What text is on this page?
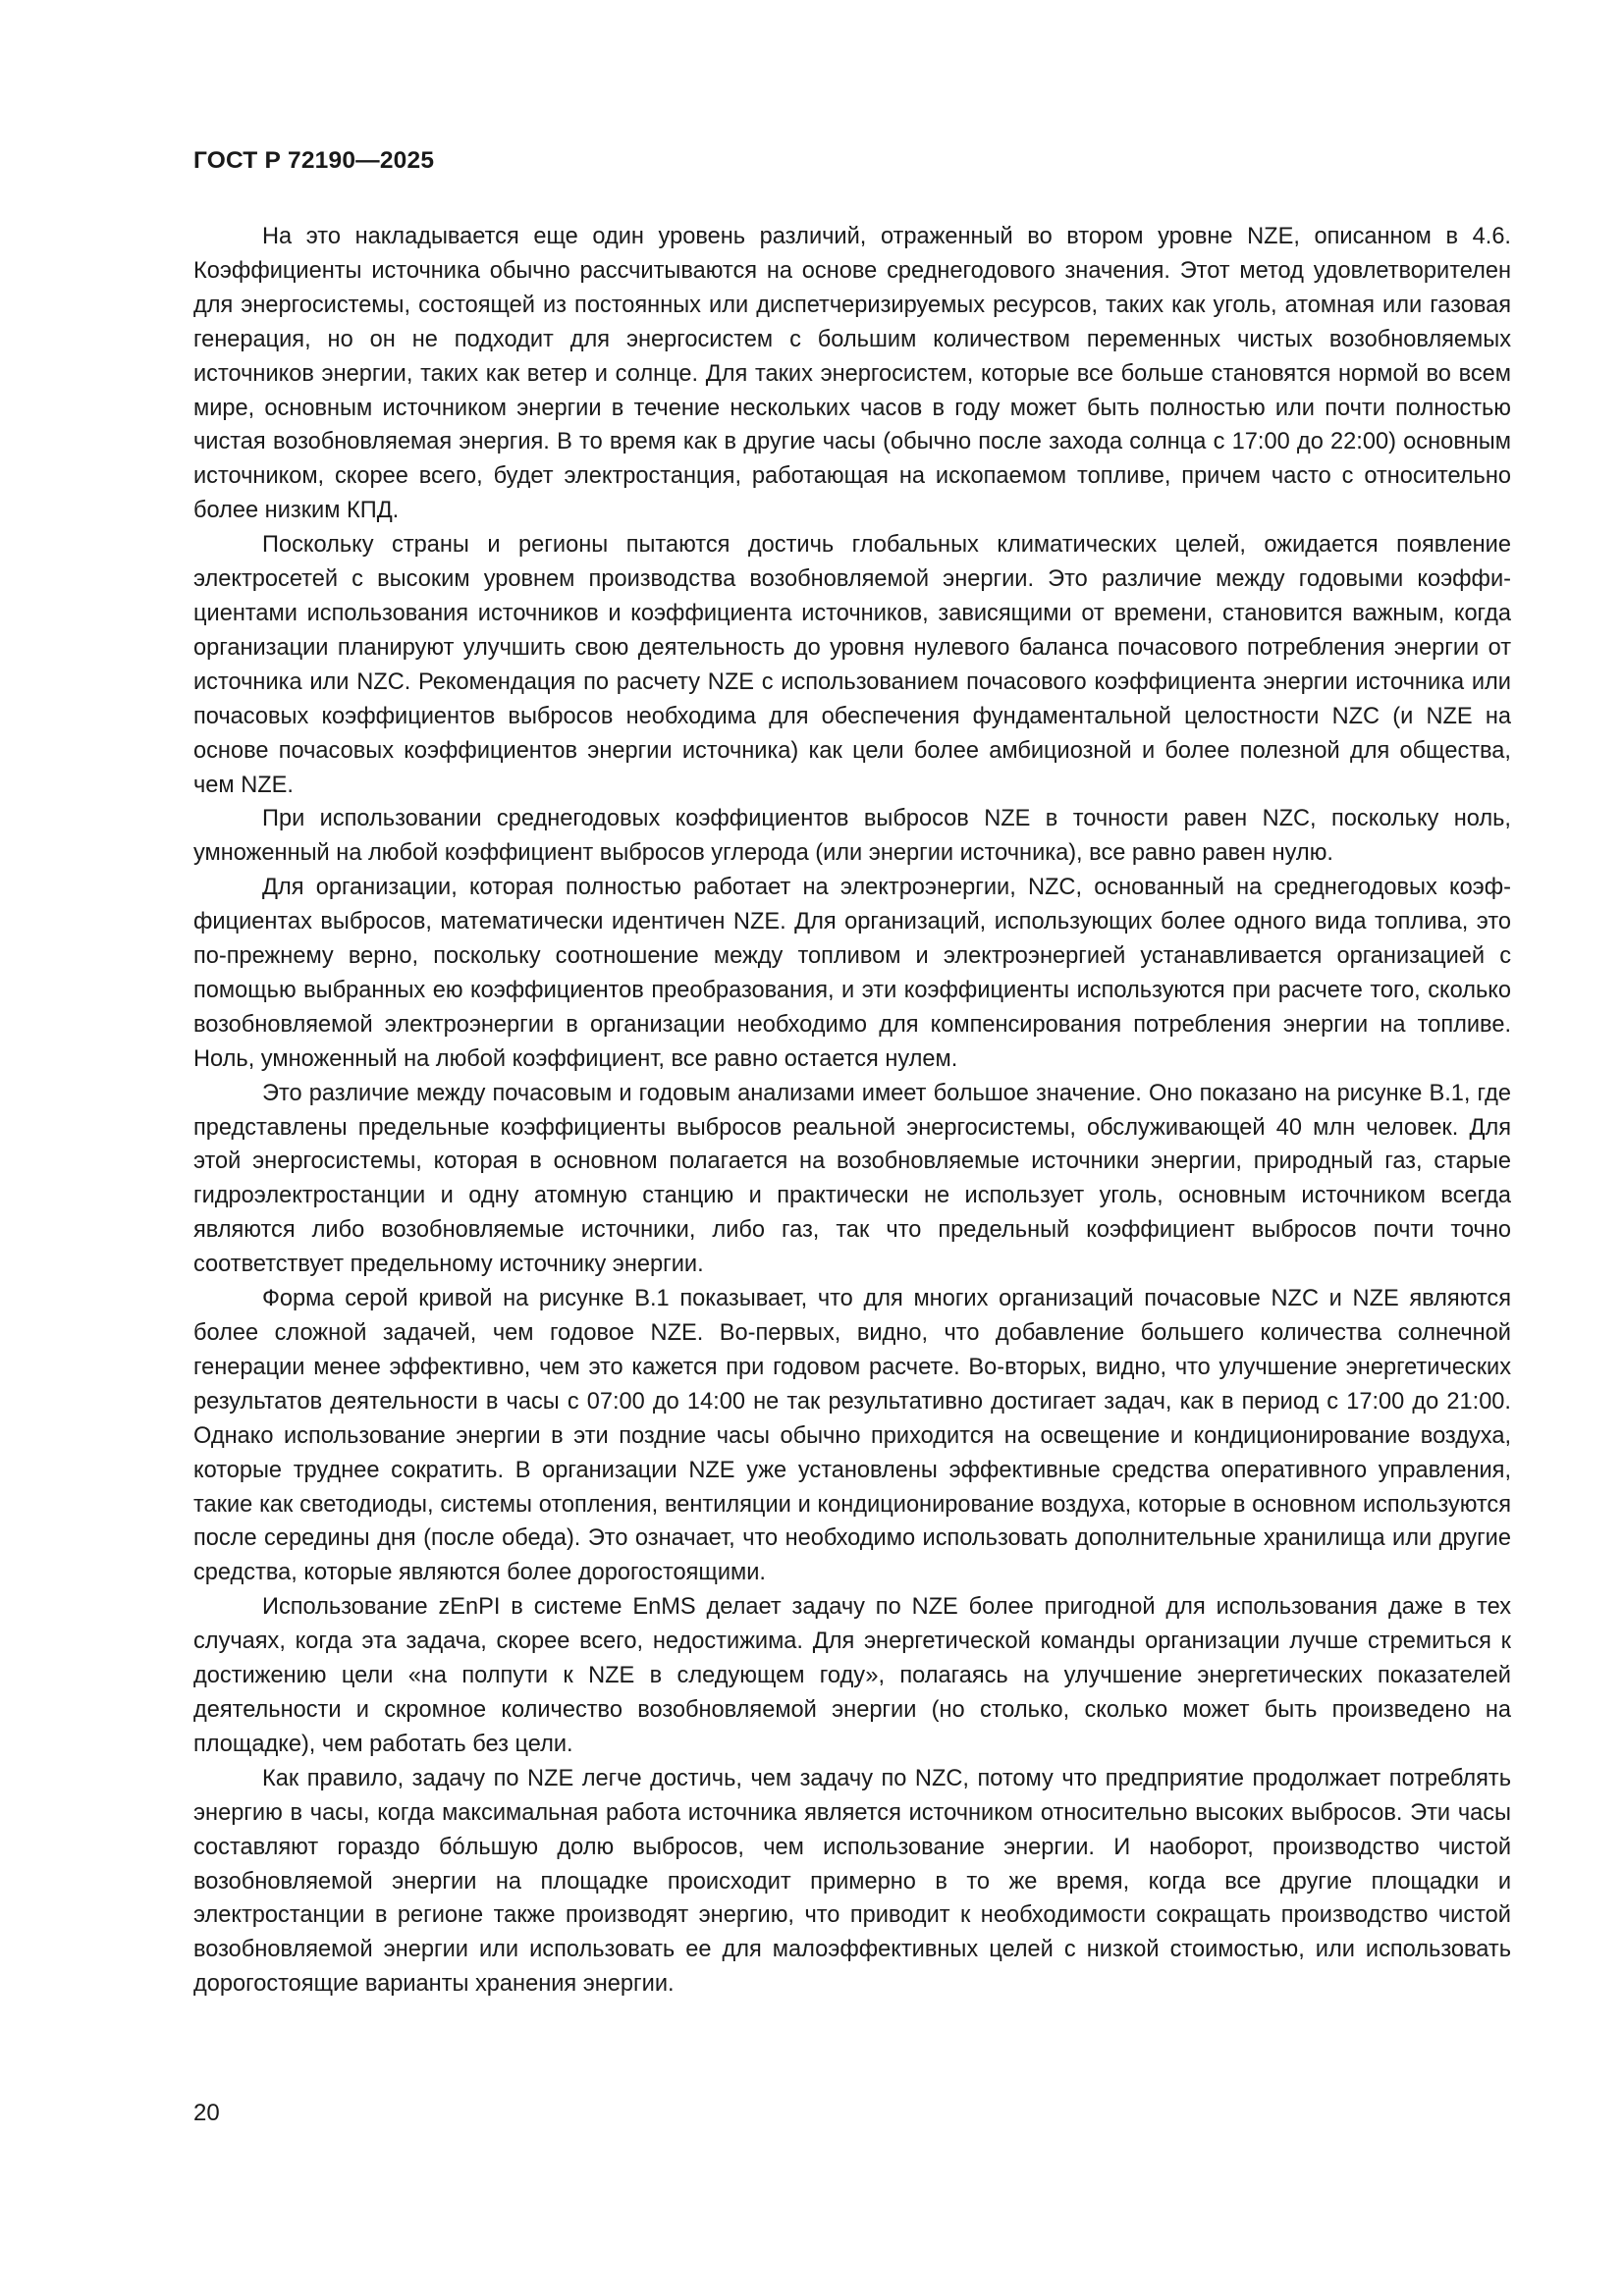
ГОСТ Р 72190—2025

На это накладывается еще один уровень различий, отраженный во втором уровне NZE, описанном в 4.6. Коэффициенты источника обычно рассчитываются на основе среднегодового значения. Этот метод удовлетворителен для энергосистемы, состоящей из постоянных или диспетчеризируемых ресурсов, таких как уголь, атомная или газовая генерация, но он не подходит для энергосистем с большим количеством переменных чистых возобновляемых источников энергии, таких как ветер и солнце. Для таких энергосистем, которые все больше становятся нормой во всем мире, основным источником энергии в течение нескольких часов в году может быть полностью или почти полностью чистая возобновляемая энергия. В то время как в другие часы (обычно после захода солнца с 17:00 до 22:00) основным источником, скорее всего, будет электростанция, работающая на ископаемом топливе, причем часто с относительно более низким КПД.

Поскольку страны и регионы пытаются достичь глобальных климатических целей, ожидается появление электросетей с высоким уровнем производства возобновляемой энергии. Это различие между годовыми коэффициентами использования источников и коэффициента источников, зависящими от времени, становится важным, когда организации планируют улучшить свою деятельность до уровня нулевого баланса почасового потребления энергии от источника или NZC. Рекомендация по расчету NZE с использованием почасового коэффициента энергии источника или почасовых коэффициентов выбросов необходима для обеспечения фундаментальной целостности NZC (и NZE на основе почасовых коэффициентов энергии источника) как цели более амбициозной и более полезной для общества, чем NZE.

При использовании среднегодовых коэффициентов выбросов NZE в точности равен NZC, поскольку ноль, умноженный на любой коэффициент выбросов углерода (или энергии источника), все равно равен нулю.

Для организации, которая полностью работает на электроэнергии, NZC, основанный на среднегодовых коэффициентах выбросов, математически идентичен NZE. Для организаций, использующих более одного вида топлива, это по-прежнему верно, поскольку соотношение между топливом и электроэнергией устанавливается организацией с помощью выбранных ею коэффициентов преобразования, и эти коэффициенты используются при расчете того, сколько возобновляемой электроэнергии в организации необходимо для компенсирования потребления энергии на топливе. Ноль, умноженный на любой коэффициент, все равно остается нулем.

Это различие между почасовым и годовым анализами имеет большое значение. Оно показано на рисунке В.1, где представлены предельные коэффициенты выбросов реальной энергосистемы, обслуживающей 40 млн человек. Для этой энергосистемы, которая в основном полагается на возобновляемые источники энергии, природный газ, старые гидроэлектростанции и одну атомную станцию и практически не использует уголь, основным источником всегда являются либо возобновляемые источники, либо газ, так что предельный коэффициент выбросов почти точно соответствует предельному источнику энергии.

Форма серой кривой на рисунке В.1 показывает, что для многих организаций почасовые NZC и NZE являются более сложной задачей, чем годовое NZE. Во-первых, видно, что добавление большего количества солнечной генерации менее эффективно, чем это кажется при годовом расчете. Во-вторых, видно, что улучшение энергетических результатов деятельности в часы с 07:00 до 14:00 не так результативно достигает задач, как в период с 17:00 до 21:00. Однако использование энергии в эти поздние часы обычно приходится на освещение и кондиционирование воздуха, которые труднее сократить. В организации NZE уже установлены эффективные средства оперативного управления, такие как светодиоды, системы отопления, вентиляции и кондиционирование воздуха, которые в основном используются после середины дня (после обеда). Это означает, что необходимо использовать дополнительные хранилища или другие средства, которые являются более дорогостоящими.

Использование zEnPI в системе EnMS делает задачу по NZE более пригодной для использования даже в тех случаях, когда эта задача, скорее всего, недостижима. Для энергетической команды организации лучше стремиться к достижению цели «на полпути к NZE в следующем году», полагаясь на улучшение энергетических показателей деятельности и скромное количество возобновляемой энергии (но столько, сколько может быть произведено на площадке), чем работать без цели.

Как правило, задачу по NZE легче достичь, чем задачу по NZC, потому что предприятие продолжает потреблять энергию в часы, когда максимальная работа источника является источником относительно высоких выбросов. Эти часы составляют гораздо бóльшую долю выбросов, чем использование энергии. И наоборот, производство чистой возобновляемой энергии на площадке происходит примерно в то же время, когда все другие площадки и электростанции в регионе также производят энергию, что приводит к необходимости сокращать производство чистой возобновляемой энергии или использовать ее для малоэффективных целей с низкой стоимостью, или использовать дорогостоящие варианты хранения энергии.

20
